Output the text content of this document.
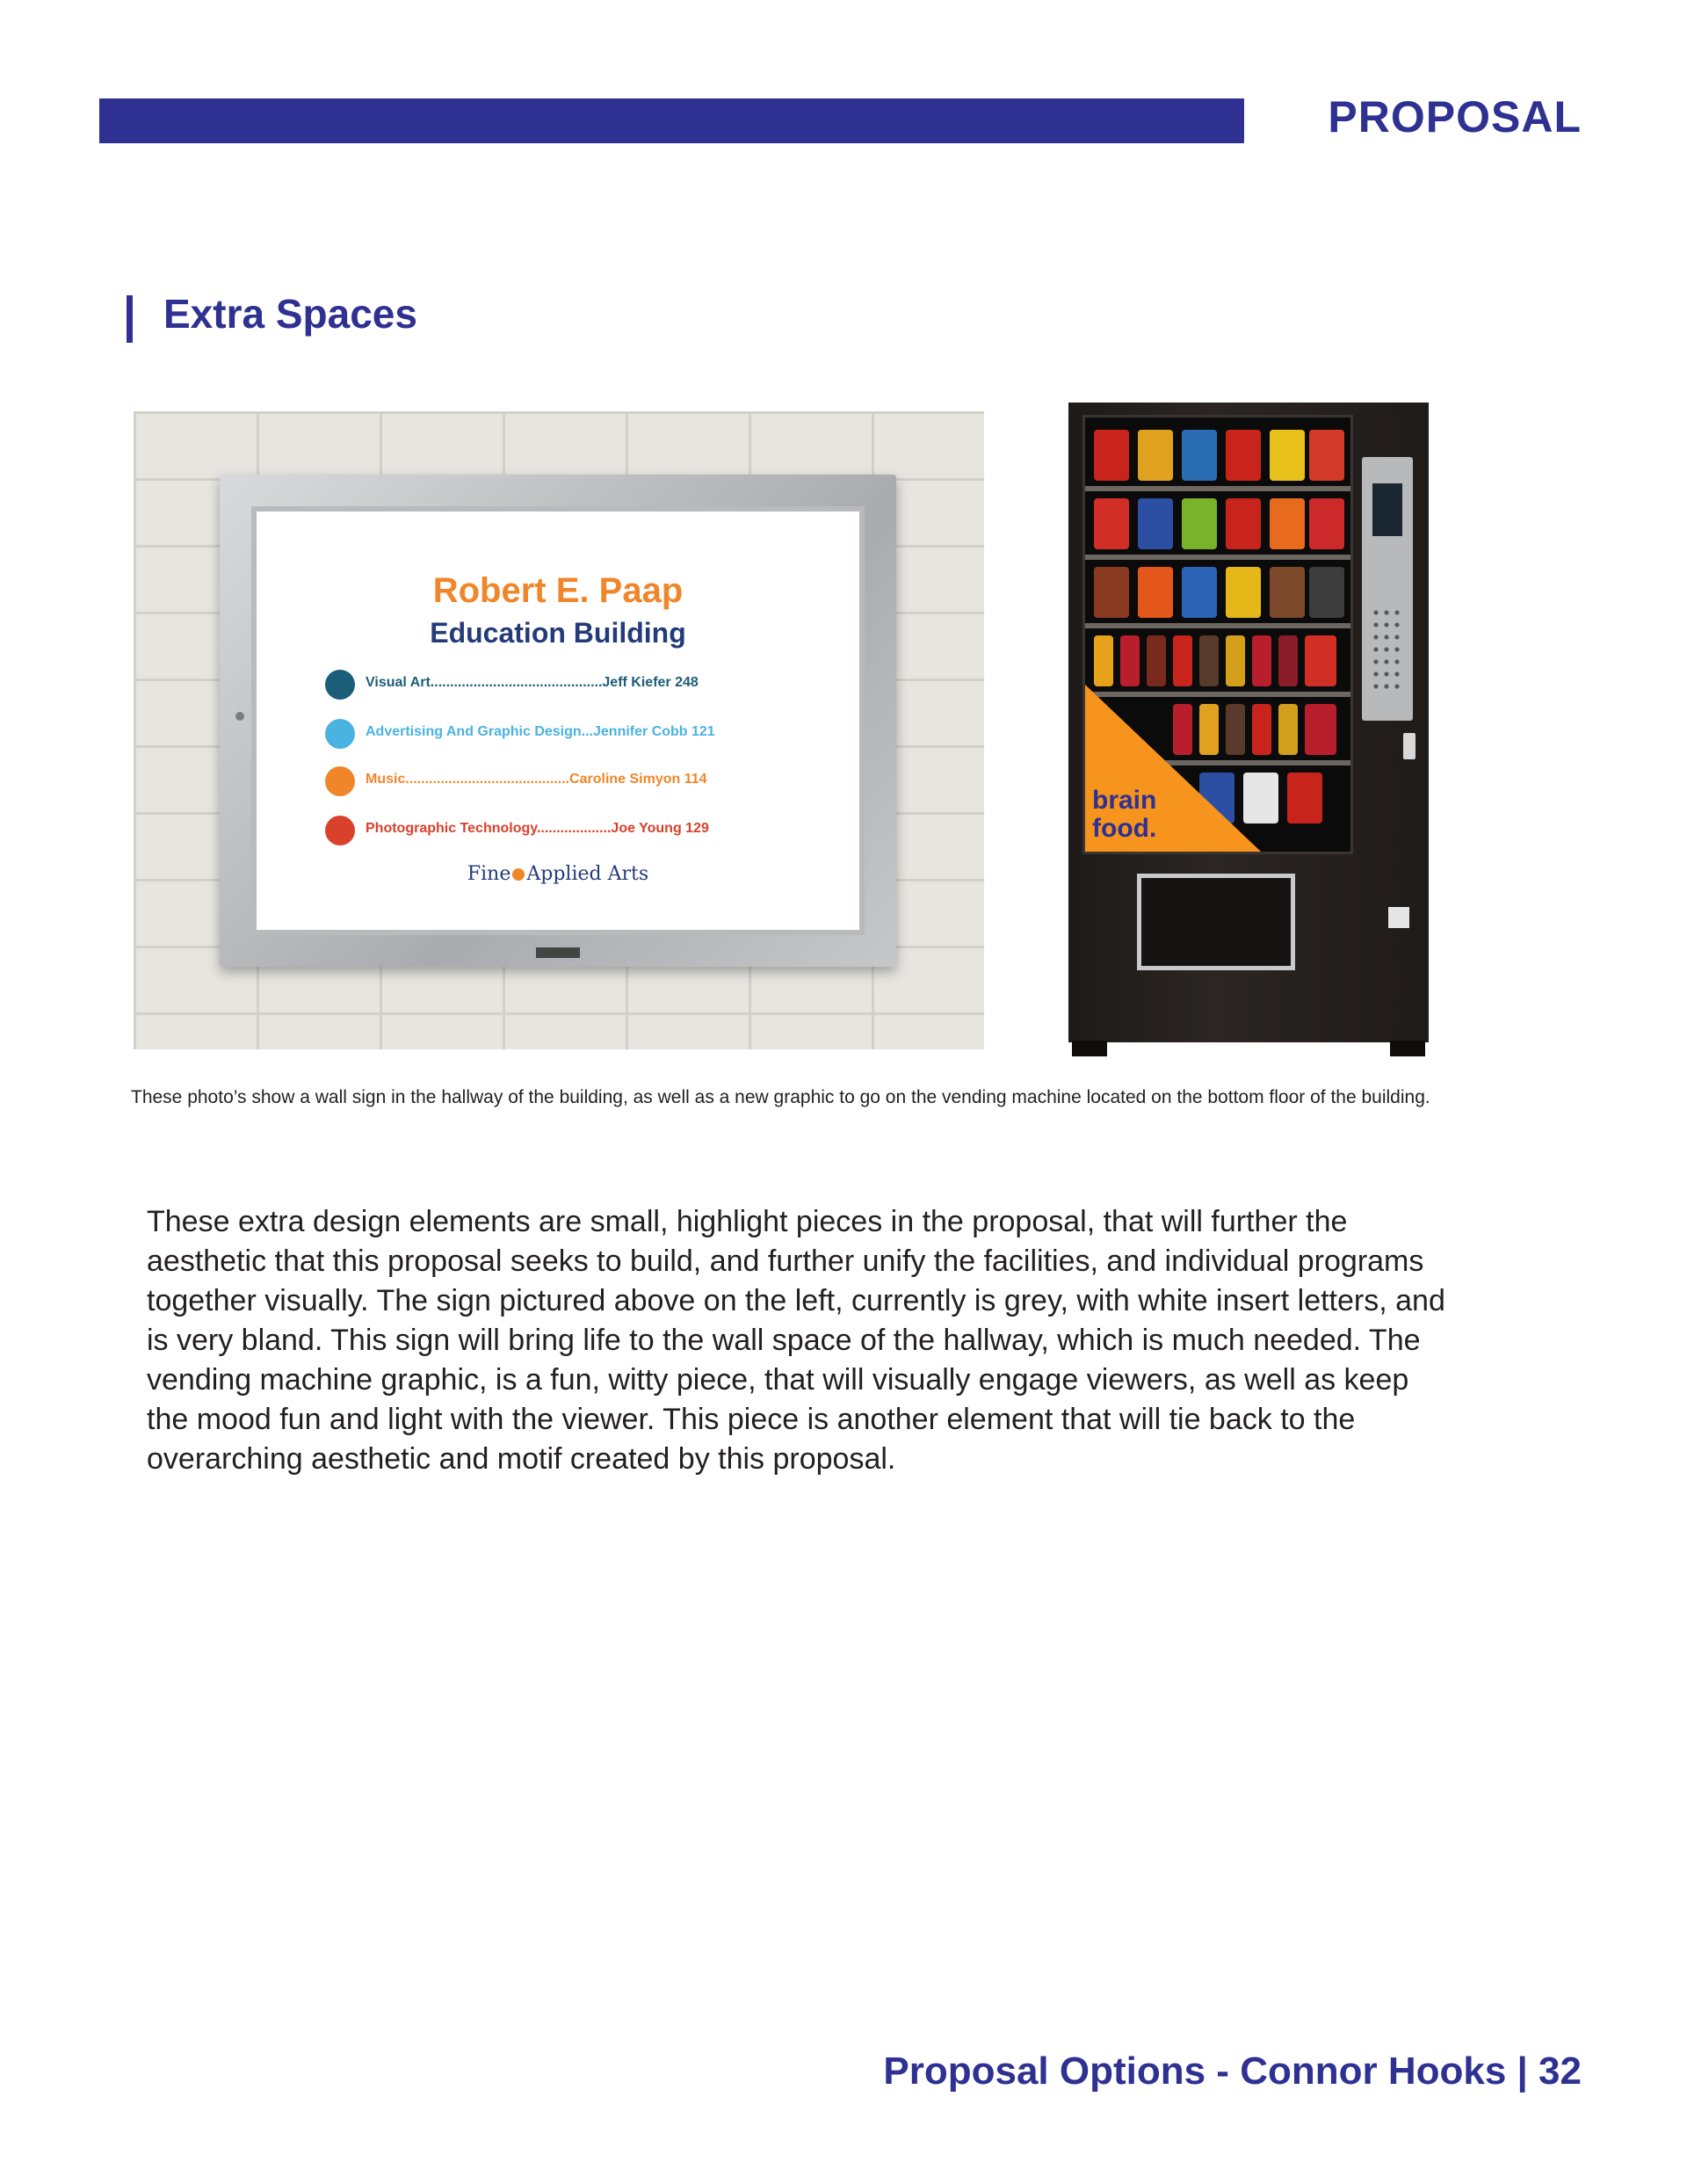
PROPOSAL
Extra Spaces
Robert E. Paap
Education Building
Visual Art............................................Jeff Kiefer 248
Advertising And Graphic Design...Jennifer Cobb 121
Music..........................................Caroline Simyon 114
Photographic Technology...................Joe Young 129
Fine Applied Arts
brain food.
These photo’s show a wall sign in the hallway of the building, as well as a new graphic to go on the vending machine located on the bottom floor of the building.
These extra design elements are small, highlight pieces in the proposal, that will further the aesthetic that this proposal seeks to build, and further unify the facilities, and individual programs together visually. The sign pictured above on the left, currently is grey, with white insert letters, and is very bland. This sign will bring life to the wall space of the hallway, which is much needed. The vending machine graphic, is a fun, witty piece, that will visually engage viewers, as well as keep the mood fun and light with the viewer. This piece is another element that will tie back to the overarching aesthetic and motif created by this proposal.
Proposal Options - Connor Hooks | 32
